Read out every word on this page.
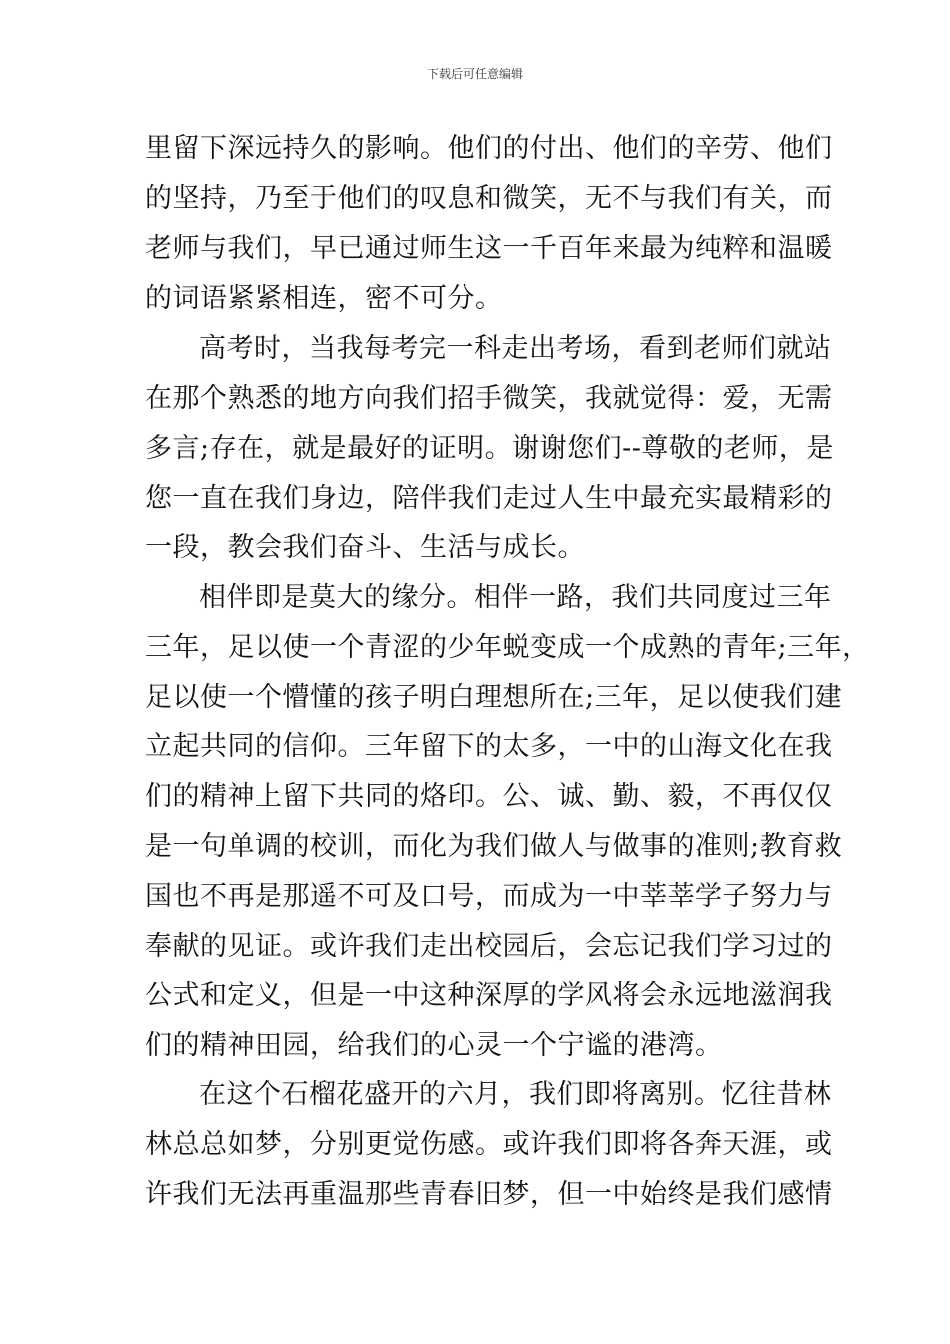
下载后可任意编辑
里留下深远持久的影响。他们的付出、他们的辛劳、他们
的坚持，乃至于他们的叹息和微笑，无不与我们有关，而
老师与我们，早已通过师生这一千百年来最为纯粹和温暖
的词语紧紧相连，密不可分。
高考时，当我每考完一科走出考场，看到老师们就站
在那个熟悉的地方向我们招手微笑，我就觉得：爱，无需
多言;存在，就是最好的证明。谢谢您们--尊敬的老师，是
您一直在我们身边，陪伴我们走过人生中最充实最精彩的
一段，教会我们奋斗、生活与成长。
相伴即是莫大的缘分。相伴一路，我们共同度过三年
三年，足以使一个青涩的少年蜕变成一个成熟的青年;三年，
足以使一个懵懂的孩子明白理想所在;三年，足以使我们建
立起共同的信仰。三年留下的太多，一中的山海文化在我
们的精神上留下共同的烙印。公、诚、勤、毅，不再仅仅
是一句单调的校训，而化为我们做人与做事的准则;教育救
国也不再是那遥不可及口号，而成为一中莘莘学子努力与
奉献的见证。或许我们走出校园后，会忘记我们学习过的
公式和定义，但是一中这种深厚的学风将会永远地滋润我
们的精神田园，给我们的心灵一个宁谧的港湾。
在这个石榴花盛开的六月，我们即将离别。忆往昔林
林总总如梦，分别更觉伤感。或许我们即将各奔天涯，或
许我们无法再重温那些青春旧梦，但一中始终是我们感情
